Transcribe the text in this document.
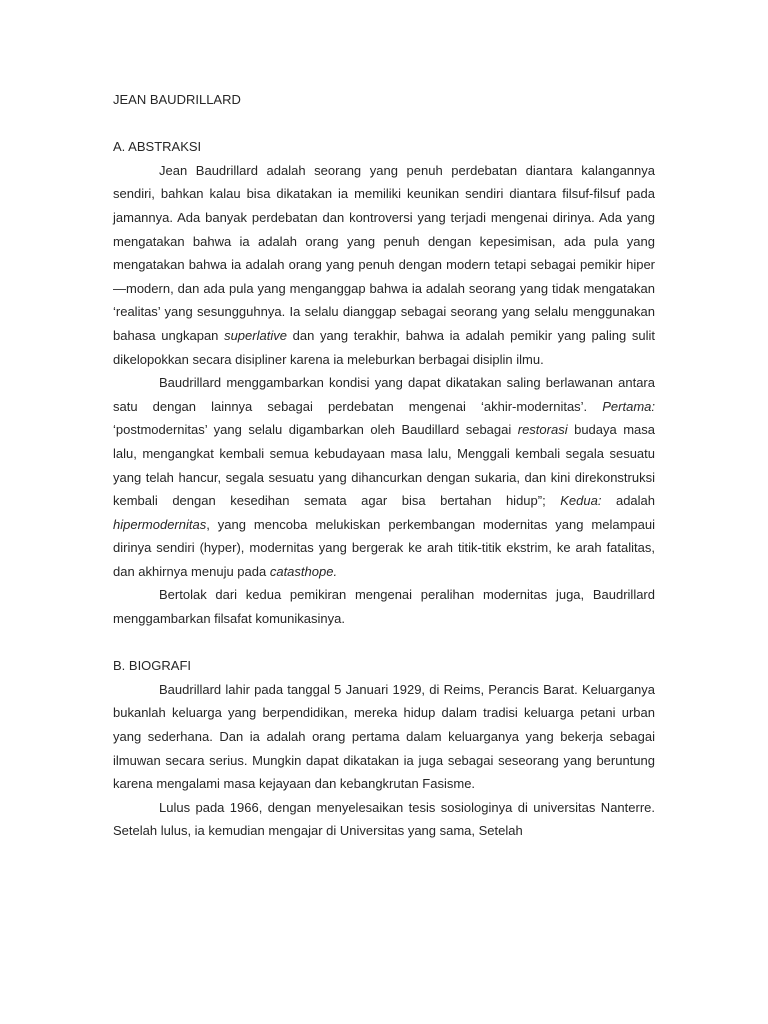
JEAN BAUDRILLARD

A. ABSTRAKSI

Jean Baudrillard adalah seorang yang penuh perdebatan diantara kalangannya sendiri, bahkan kalau bisa dikatakan ia memiliki keunikan sendiri diantara filsuf-filsuf pada jamannya. Ada banyak perdebatan dan kontroversi yang terjadi mengenai dirinya. Ada yang mengatakan bahwa ia adalah orang yang penuh dengan kepesimisan, ada pula yang mengatakan bahwa ia adalah orang yang penuh dengan modern tetapi sebagai pemikir hiper—modern, dan ada pula yang menganggap bahwa ia adalah seorang yang tidak mengatakan ‘realitas’ yang sesungguhnya. Ia selalu dianggap sebagai seorang yang selalu menggunakan bahasa ungkapan superlative dan yang terakhir, bahwa ia adalah pemikir yang paling sulit dikelopokkan secara disipliner karena ia meleburkan berbagai disiplin ilmu.

Baudrillard menggambarkan kondisi yang dapat dikatakan saling berlawanan antara satu dengan lainnya sebagai perdebatan mengenai ‘akhir-modernitas’. Pertama: ‘postmodernitas’ yang selalu digambarkan oleh Baudillard sebagai restorasi budaya masa lalu, mengangkat kembali semua kebudayaan masa lalu, Menggali kembali segala sesuatu yang telah hancur, segala sesuatu yang dihancurkan dengan sukaria, dan kini direkonstruksi kembali dengan kesedihan semata agar bisa bertahan hidup”; Kedua: adalah hipermodernitas, yang mencoba melukiskan perkembangan modernitas yang melampaui dirinya sendiri (hyper), modernitas yang bergerak ke arah titik-titik ekstrim, ke arah fatalitas, dan akhirnya menuju pada catasthope.

Bertolak dari kedua pemikiran mengenai peralihan modernitas juga, Baudrillard menggambarkan filsafat komunikasinya.

B. BIOGRAFI

Baudrillard lahir pada tanggal 5 Januari 1929, di Reims, Perancis Barat. Keluarganya bukanlah keluarga yang berpendidikan, mereka hidup dalam tradisi keluarga petani urban yang sederhana. Dan ia adalah orang pertama dalam keluarganya yang bekerja sebagai ilmuwan secara serius. Mungkin dapat dikatakan ia juga sebagai seseorang yang beruntung karena mengalami masa kejayaan dan kebangkrutan Fasisme.

Lulus pada 1966, dengan menyelesaikan tesis sosiologinya di universitas Nanterre. Setelah lulus, ia kemudian mengajar di Universitas yang sama, Setelah
